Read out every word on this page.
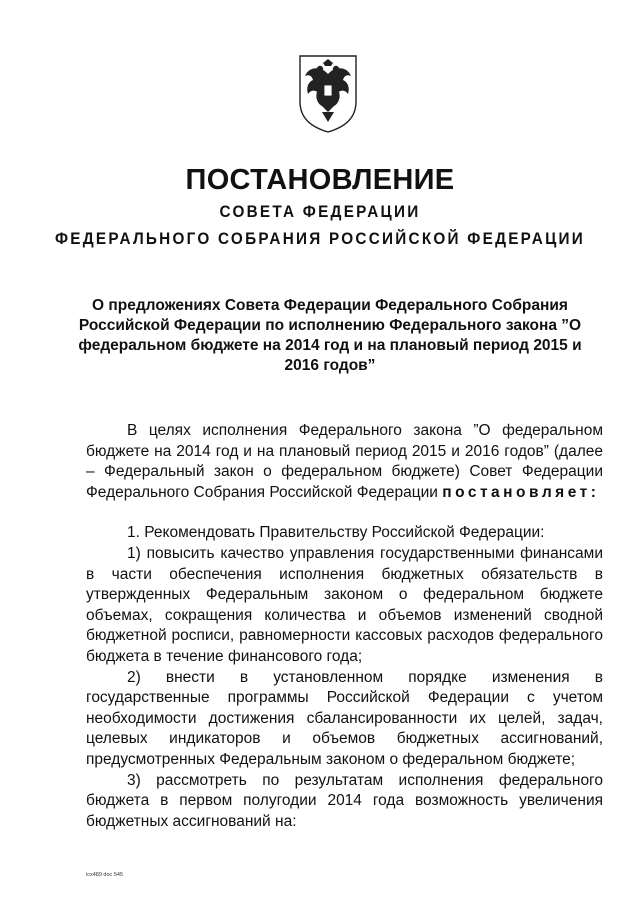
ПОСТАНОВЛЕНИЕ
СОВЕТА ФЕДЕРАЦИИ
ФЕДЕРАЛЬНОГО СОБРАНИЯ РОССИЙСКОЙ ФЕДЕРАЦИИ

О предложениях Совета Федерации Федерального Собрания Российской Федерации по исполнению Федерального закона ”О федеральном бюджете на 2014 год и на плановый период 2015 и 2016 годов”

В целях исполнения Федерального закона ”О федеральном бюджете на 2014 год и на плановый период 2015 и 2016 годов” (далее – Федеральный закон о федеральном бюджете) Совет Федерации Федерального Собрания Российской Федерации постановляет:

1. Рекомендовать Правительству Российской Федерации:

1) повысить качество управления государственными финансами в части обеспечения исполнения бюджетных обязательств в утвержденных Федеральным законом о федеральном бюджете объемах, сокращения количества и объемов изменений сводной бюджетной росписи, равномерности кассовых расходов федерального бюджета в течение финансового года;

2) внести в установленном порядке изменения в государственные программы Российской Федерации с учетом необходимости достижения сбалансированности их целей, задач, целевых индикаторов и объемов бюджетных ассигнований, предусмотренных Федеральным законом о федеральном бюджете;

3) рассмотреть по результатам исполнения федерального бюджета в первом полугодии 2014 года возможность увеличения бюджетных ассигнований на:

icx489 doc 545
